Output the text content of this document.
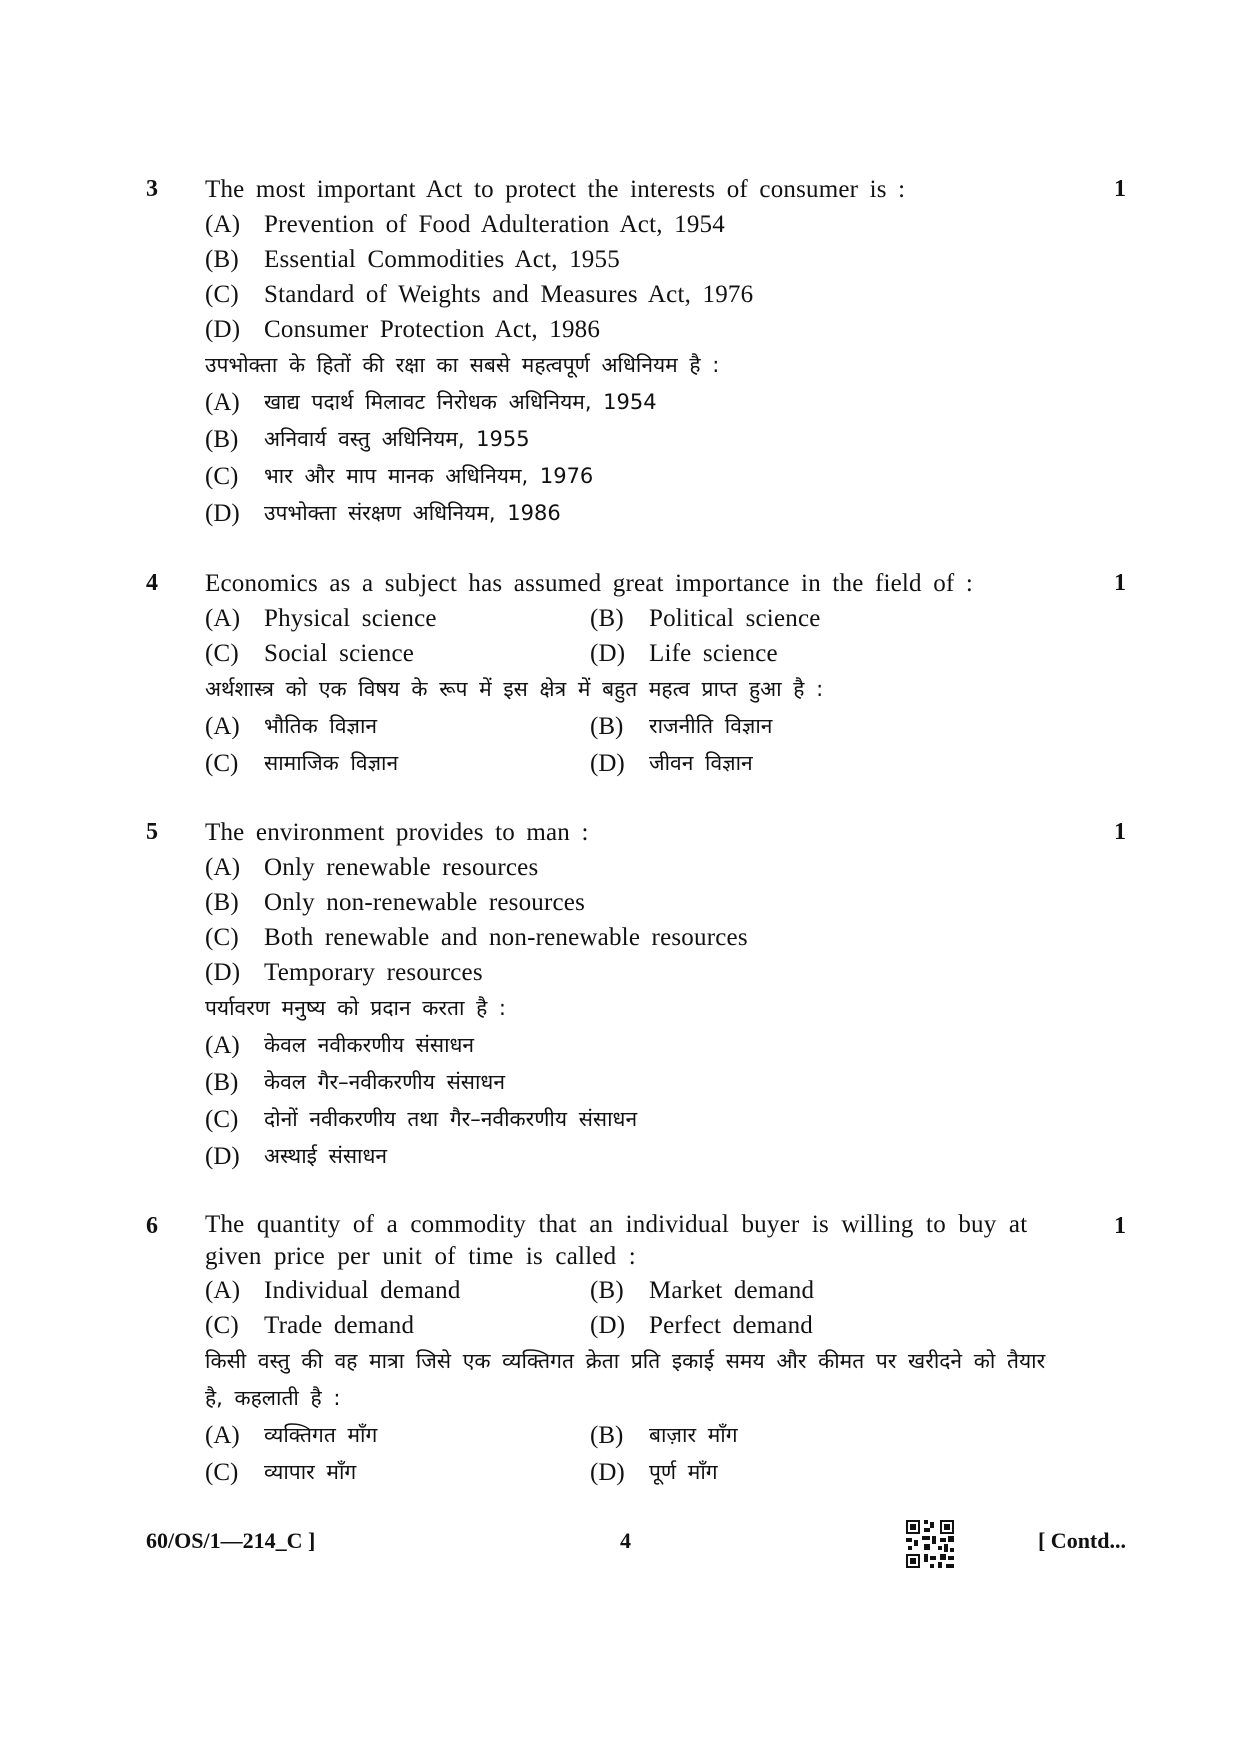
3	1
The most important Act to protect the interests of consumer is :
(A) Prevention of Food Adulteration Act, 1954
(B)	Essential Commodities Act, 1955
(C)	Standard of Weights and Measures Act, 1976
(D) Consumer Protection Act, 1986
उपभोक्ता के हितों की रक्षा का सबसे महत्वपूर्ण अधिनियम है :
(A)	खाद्य पदार्थ मिलावट निरोधक अधिनियम, 1954
(B)	अनिवार्य वस्तु अधिनियम, 1955
(C)	भार और माप मानक अधिनियम, 1976
(D)	उपभोक्ता संरक्षण अधिनियम, 1986
4	1
Economics as a subject has assumed great importance in the field of :
(A) Physical science	(B)	Political science
(C)	Social science	(D) Life science
अर्थशास्त्र को एक विषय के रूप में इस क्षेत्र में बहुत महत्व प्राप्त हुआ है :
(A)	भौतिक विज्ञान	(B)	राजनीति विज्ञान
(C)	सामाजिक विज्ञान	(D)	जीवन विज्ञान
5	1
The environment provides to man :
(A) Only renewable resources
(B)	Only non-renewable resources
(C)	Both renewable and non-renewable resources
(D) Temporary resources
पर्यावरण मनुष्य को प्रदान करता है :
(A)	केवल नवीकरणीय संसाधन
(B)	केवल गैर–नवीकरणीय संसाधन
(C)	दोनों नवीकरणीय तथा गैर–नवीकरणीय संसाधन
(D)	अस्थाई संसाधन
6	1
The quantity of a commodity that an individual buyer is willing to buy at given price per unit of time is called :
(A) Individual demand	(B)	Market demand
(C)	Trade demand	(D) Perfect demand
किसी वस्तु की वह मात्रा जिसे एक व्यक्तिगत क्रेता प्रति इकाई समय और कीमत पर खरीदने को तैयार है, कहलाती है :
(A)	व्यक्तिगत माँग	(B)	बाज़ार माँग
(C)	व्यापार माँग	(D)	पूर्ण माँग
60/OS/1—214_C ]	4	[ Contd...
